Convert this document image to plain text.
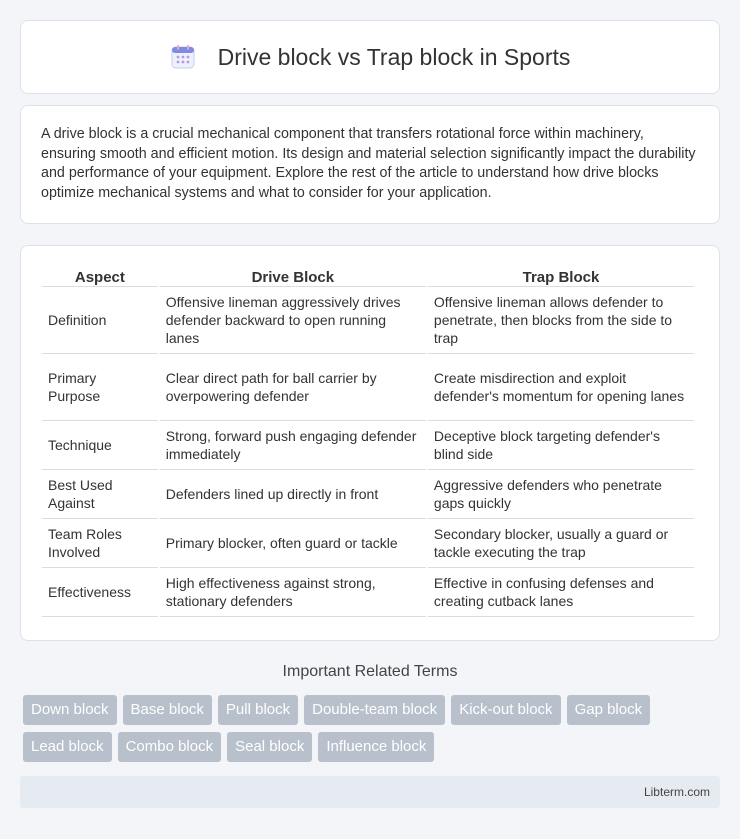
Drive block vs Trap block in Sports

A drive block is a crucial mechanical component that transfers rotational force within machinery, ensuring smooth and efficient motion. Its design and material selection significantly impact the durability and performance of your equipment. Explore the rest of the article to understand how drive blocks optimize mechanical systems and what to consider for your application.

Aspect	Drive Block	Trap Block
Definition	Offensive lineman aggressively drives defender backward to open running lanes	Offensive lineman allows defender to penetrate, then blocks from the side to trap
Primary Purpose	Clear direct path for ball carrier by overpowering defender	Create misdirection and exploit defender's momentum for opening lanes
Technique	Strong, forward push engaging defender immediately	Deceptive block targeting defender's blind side
Best Used Against	Defenders lined up directly in front	Aggressive defenders who penetrate gaps quickly
Team Roles Involved	Primary blocker, often guard or tackle	Secondary blocker, usually a guard or tackle executing the trap
Effectiveness	High effectiveness against strong, stationary defenders	Effective in confusing defenses and creating cutback lanes
Important Related Terms
Down block	Base block	Pull block	Double-team block	Kick-out block	Gap block
Lead block	Combo block	Seal block	Influence block
Libterm.com
